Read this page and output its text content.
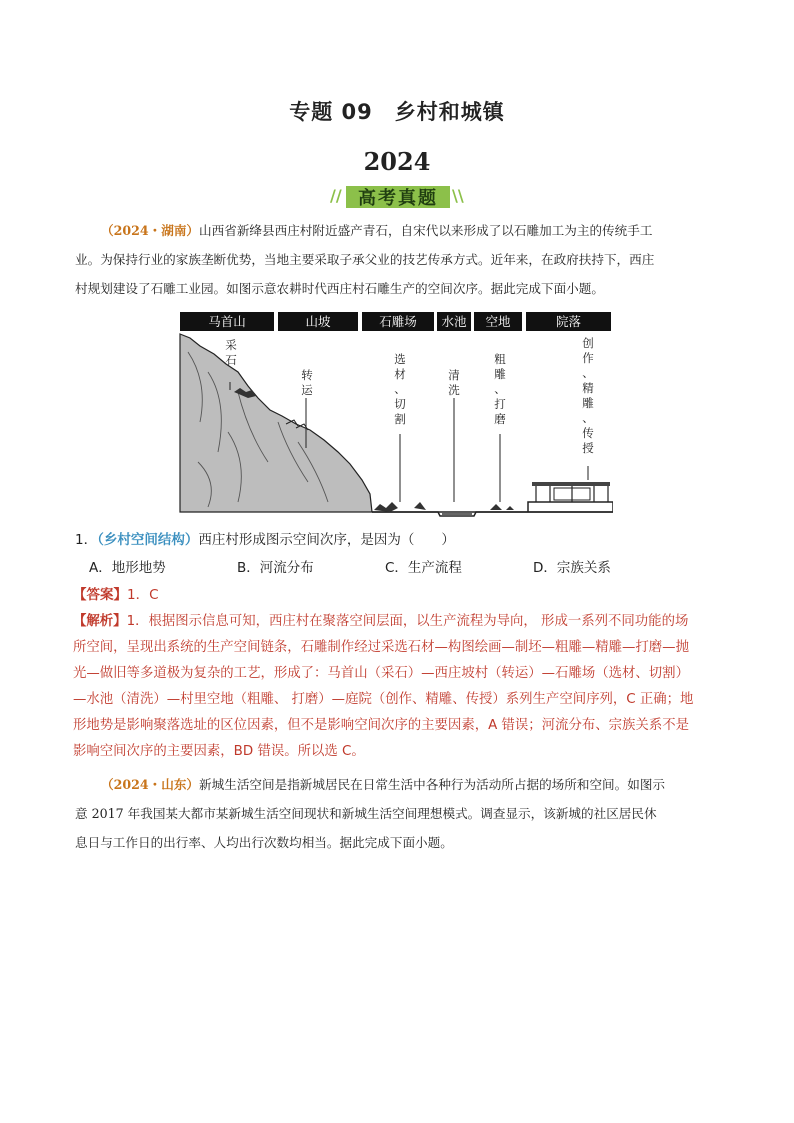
专题 09　乡村和城镇
2024
// 高考真题 \\
（2024・湖南）山西省新绛县西庄村附近盛产青石，自宋代以来形成了以石雕加工为主的传统手工
业。为保持行业的家族垄断优势，当地主要采取子承父业的技艺传承方式。近年来，在政府扶持下，西庄
村规划建设了石雕工业园。如图示意农耕时代西庄村石雕生产的空间次序。据此完成下面小题。
马首山	山坡	石雕场	水池	空地	院落
采
石
转
运
选
材
、
切
割
清
洗
粗
雕
、
打
磨
创
作
、
精
雕
、
传
授
1．（乡村空间结构）西庄村形成图示空间次序，是因为（　　）
A．地形地势	B．河流分布	C．生产流程	D．宗族关系
【答案】1．C
【解析】1．根据图示信息可知，西庄村在聚落空间层面，以生产流程为导向， 形成一系列不同功能的场
所空间，呈现出系统的生产空间链条，石雕制作经过采选石材—构图绘画—制坯—粗雕—精雕—打磨—抛
光—做旧等多道极为复杂的工艺，形成了：马首山（采石）—西庄坡村（转运）—石雕场（选材、切割）
—水池（清洗）—村里空地（粗雕、 打磨）—庭院（创作、精雕、传授）系列生产空间序列，C 正确；地
形地势是影响聚落选址的区位因素，但不是影响空间次序的主要因素，A 错误；河流分布、宗族关系不是
影响空间次序的主要因素，BD 错误。所以选 C。
（2024・山东）新城生活空间是指新城居民在日常生活中各种行为活动所占据的场所和空间。如图示
意 2017 年我国某大都市某新城生活空间现状和新城生活空间理想模式。调查显示，该新城的社区居民休
息日与工作日的出行率、人均出行次数均相当。据此完成下面小题。
